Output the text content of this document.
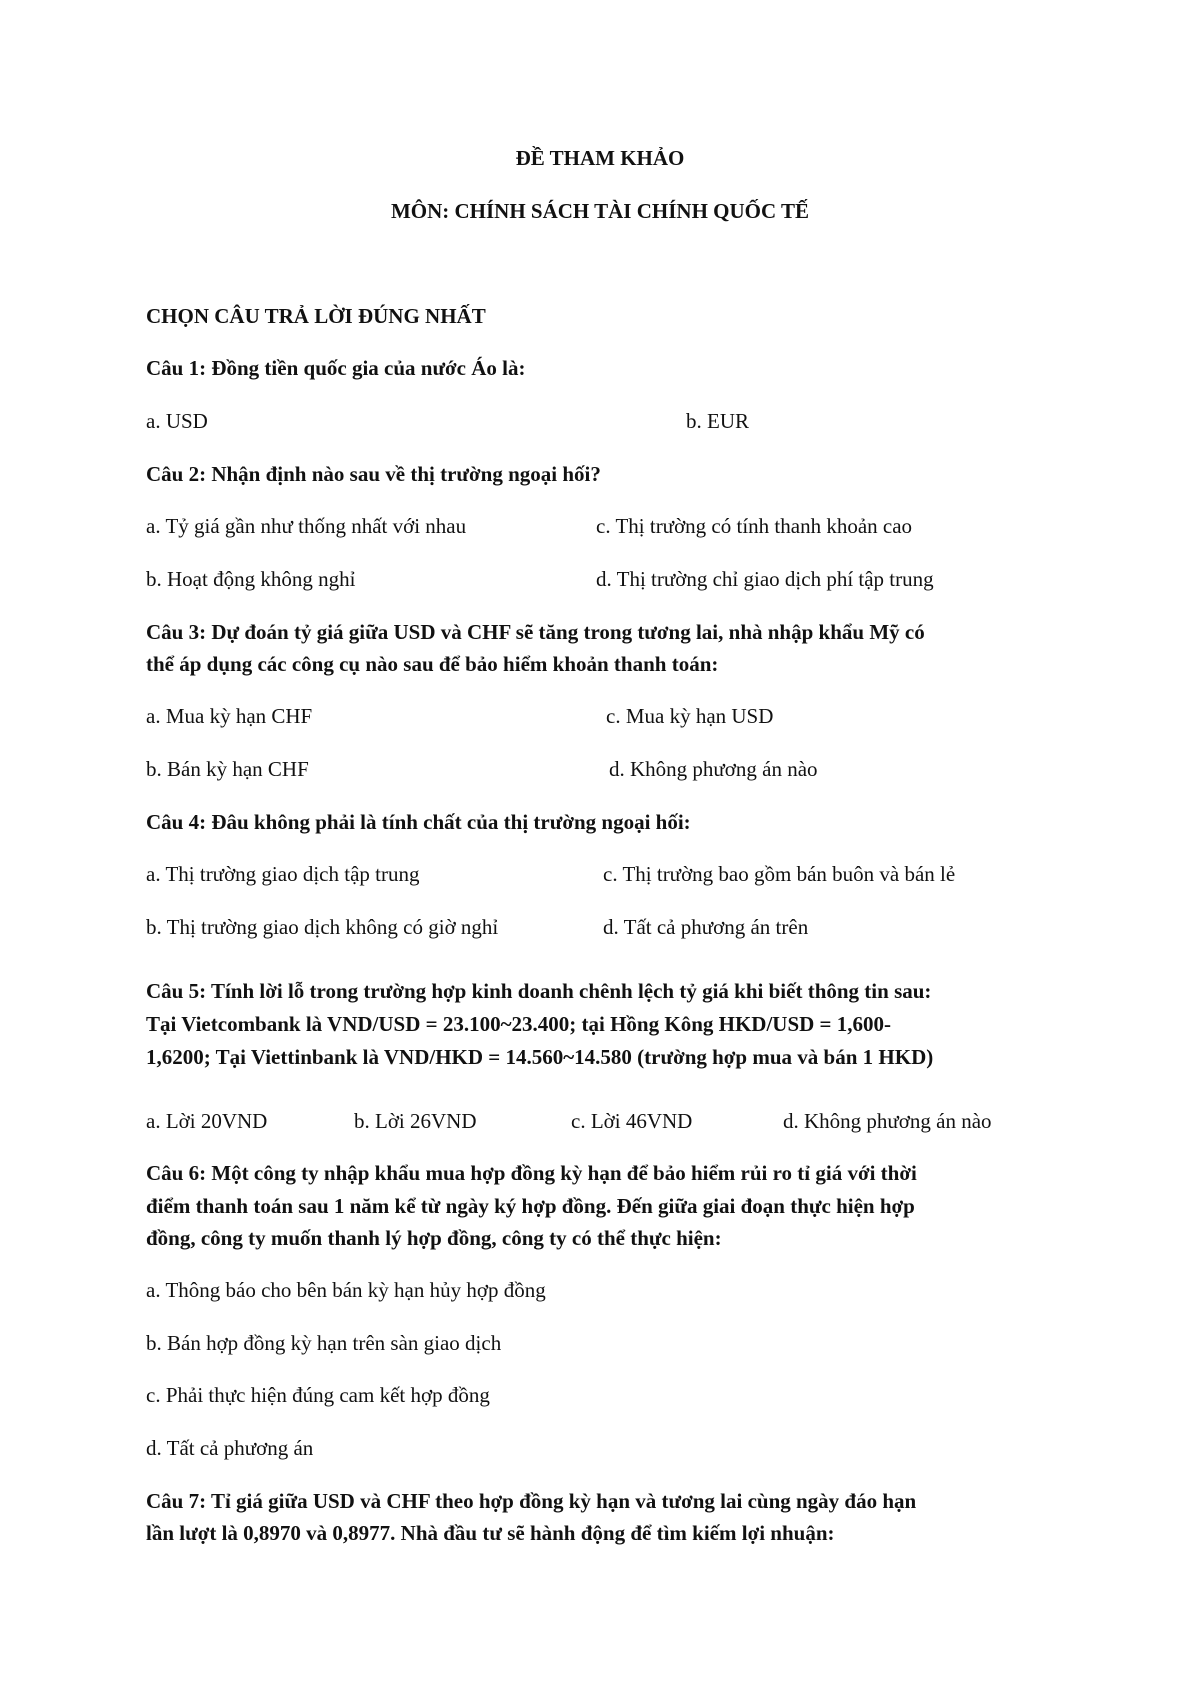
ĐỀ THAM KHẢO
MÔN: CHÍNH SÁCH TÀI CHÍNH QUỐC TẾ
CHỌN CÂU TRẢ LỜI ĐÚNG NHẤT
Câu 1: Đồng tiền quốc gia của nước Áo là:
a. USD	b. EUR
Câu 2: Nhận định nào sau về thị trường ngoại hối?
a. Tỷ giá gần như thống nhất với nhau	c. Thị trường có tính thanh khoản cao
b. Hoạt động không nghỉ	d. Thị trường chỉ giao dịch phí tập trung
Câu 3: Dự đoán tỷ giá giữa USD và CHF sẽ tăng trong tương lai, nhà nhập khẩu Mỹ có
thể áp dụng các công cụ nào sau để bảo hiểm khoản thanh toán:
a. Mua kỳ hạn CHF	c. Mua kỳ hạn USD
b. Bán kỳ hạn CHF	d. Không phương án nào
Câu 4: Đâu không phải là tính chất của thị trường ngoại hối:
a. Thị trường giao dịch tập trung	c. Thị trường bao gồm bán buôn và bán lẻ
b. Thị trường giao dịch không có giờ nghỉ	d. Tất cả phương án trên
Câu 5: Tính lời lỗ trong trường hợp kinh doanh chênh lệch tỷ giá khi biết thông tin sau:
Tại Vietcombank là VND/USD = 23.100~23.400; tại Hồng Kông HKD/USD = 1,600-
1,6200; Tại Viettinbank là VND/HKD = 14.560~14.580 (trường hợp mua và bán 1 HKD)
a. Lời 20VND	b. Lời 26VND	c. Lời 46VND	d. Không phương án nào
Câu 6: Một công ty nhập khẩu mua hợp đồng kỳ hạn để bảo hiểm rủi ro tỉ giá với thời
điểm thanh toán sau 1 năm kể từ ngày ký hợp đồng. Đến giữa giai đoạn thực hiện hợp
đồng, công ty muốn thanh lý hợp đồng, công ty có thể thực hiện:
a. Thông báo cho bên bán kỳ hạn hủy hợp đồng
b. Bán hợp đồng kỳ hạn trên sàn giao dịch
c. Phải thực hiện đúng cam kết hợp đồng
d. Tất cả phương án
Câu 7: Tỉ giá giữa USD và CHF theo hợp đồng kỳ hạn và tương lai cùng ngày đáo hạn
lần lượt là 0,8970 và 0,8977. Nhà đầu tư sẽ hành động để tìm kiếm lợi nhuận:
